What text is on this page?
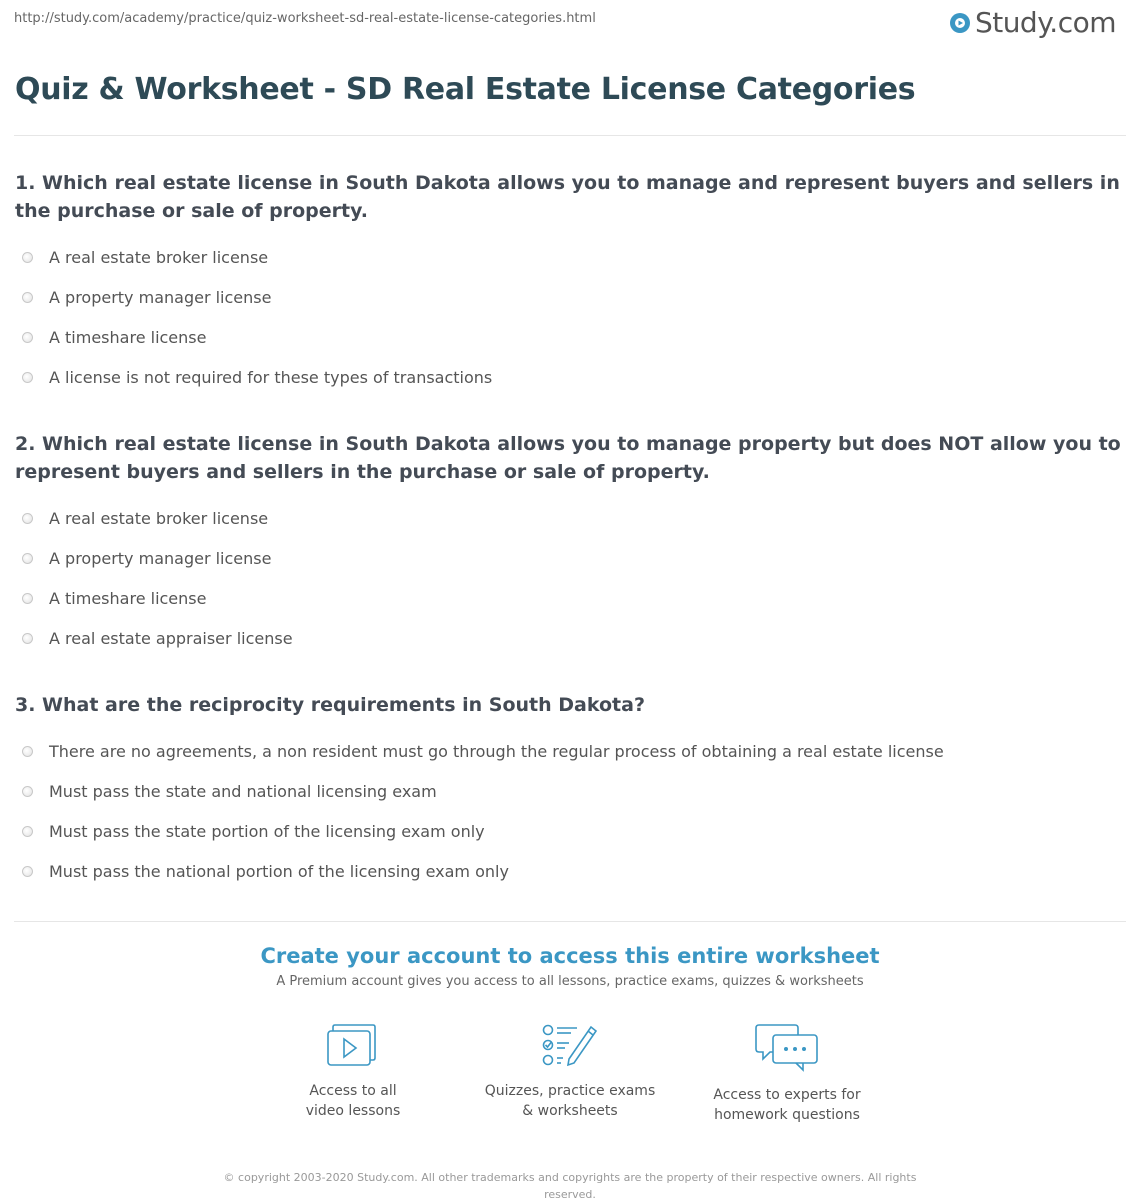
http://study.com/academy/practice/quiz-worksheet-sd-real-estate-license-categories.html	Study.com
Quiz & Worksheet - SD Real Estate License Categories

1. Which real estate license in South Dakota allows you to manage and represent buyers and sellers in the purchase or sale of property.

A real estate broker license
A property manager license
A timeshare license
A license is not required for these types of transactions

2. Which real estate license in South Dakota allows you to manage property but does NOT allow you to represent buyers and sellers in the purchase or sale of property.

A real estate broker license
A property manager license
A timeshare license
A real estate appraiser license

3. What are the reciprocity requirements in South Dakota?

There are no agreements, a non resident must go through the regular process of obtaining a real estate license
Must pass the state and national licensing exam
Must pass the state portion of the licensing exam only
Must pass the national portion of the licensing exam only
Create your account to access this entire worksheet
A Premium account gives you access to all lessons, practice exams, quizzes & worksheets
Access to all
video lessons
Quizzes, practice exams
& worksheets
Access to experts for
homework questions
© copyright 2003-2020 Study.com. All other trademarks and copyrights are the property of their respective owners. All rights reserved.
